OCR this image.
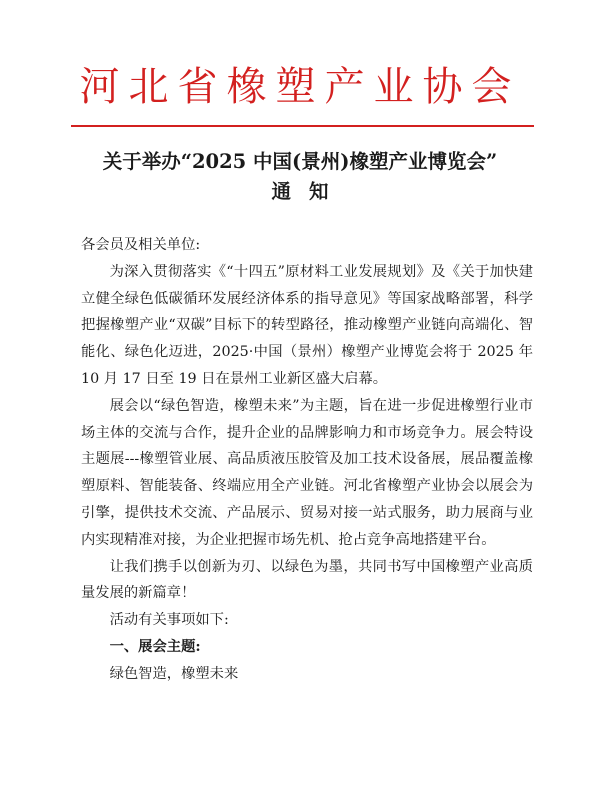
河北省橡塑产业协会
关于举办“2025 中国(景州)橡塑产业博览会”
通知

各会员及相关单位:

为深入贯彻落实《“十四五”原材料工业发展规划》及《关于加快建立健全绿色低碳循环发展经济体系的指导意见》等国家战略部署，科学把握橡塑产业“双碳”目标下的转型路径，推动橡塑产业链向高端化、智能化、绿色化迈进，2025·中国（景州）橡塑产业博览会将于 2025 年 10 月 17 日至 19 日在景州工业新区盛大启幕。

展会以“绿色智造，橡塑未来”为主题，旨在进一步促进橡塑行业市场主体的交流与合作，提升企业的品牌影响力和市场竞争力。展会特设主题展---橡塑管业展、高品质液压胶管及加工技术设备展，展品覆盖橡塑原料、智能装备、终端应用全产业链。河北省橡塑产业协会以展会为引擎，提供技术交流、产品展示、贸易对接一站式服务，助力展商与业内实现精准对接，为企业把握市场先机、抢占竞争高地搭建平台。

让我们携手以创新为刃、以绿色为墨，共同书写中国橡塑产业高质量发展的新篇章！

活动有关事项如下:

一、展会主题:

绿色智造，橡塑未来
